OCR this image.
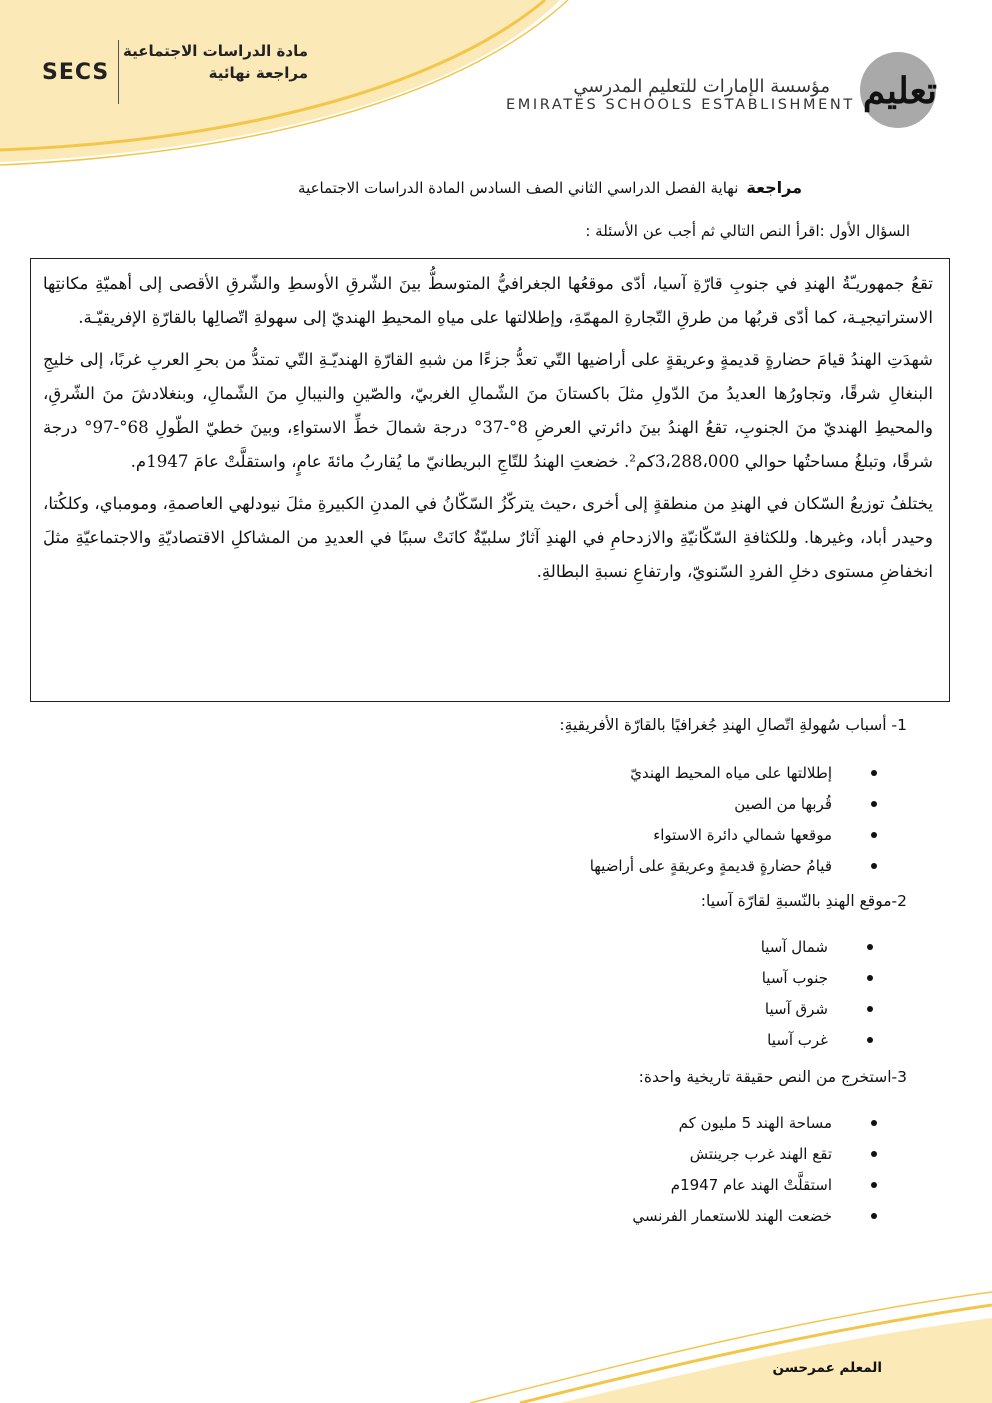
SECS
مادة الدراسات الاجتماعية
مراجعة نهائية
مؤسسة الإمارات للتعليم المدرسي
EMIRATES SCHOOLS ESTABLISHMENT تعليم
مراجعةنهاية الفصل الدراسي الثاني الصف السادس المادة الدراسات الاجتماعية
السؤال الأول :اقرأ النص التالي ثم أجب عن الأسئلة :

تقعُ جمهوريـّةُ الهندِ في جنوبِ قارّةِ آسيا، أدّى موقعُها الجغرافيُّ المتوسطُّ بينَ الشّرقِ الأوسطِ والشّرقِ الأقصى إلى أهميّةِ مكانتِها الاستراتيجيـة، كما أدّى قربُها من طرقِ التّجارةِ المهمّةِ، وإطلالتها على مياهِ المحيطِ الهنديّ إلى سهولةِ اتّصالِها بالقارّةِ الإفريقيّـة.

شهدَتِ الهندُ قيامَ حضارةٍ قديمةٍ وعريقةٍ على أراضيها التّي تعدُّ جزءًا من شبهِ القارّةِ الهنديّـةِ التّي تمتدُّ من بحرِ العربِ غربًا، إلى خليجِ البنغالِ شرقًا، وتجاورُها العديدُ منَ الدّولِ مثلَ باكستانَ منَ الشّمالِ الغربيّ، والصّينِ والنيبالِ منَ الشّمالِ، وبنغلادشَ منَ الشّرقِ، والمحيطِ الهنديّ منَ الجنوبِ، تقعُ الهندُ بينَ دائرتي العرضِ 8°-37° درجة شمالَ خطِّ الاستواءِ، وبينَ خطيّ الطّولِ 68°-97° درجة شرقًا، وتبلغُ مساحتُها حوالي 3،288،000كم². خضعتِ الهندُ للتّاجِ البريطانيّ ما يُقاربُ مائةَ عامٍ، واستقلَّتْ عامَ 1947م.

يختلفُ توزيعُ السّكان في الهندِ من منطقةٍ إلى أخرى ،حيث يتركّزُ السّكّانُ في المدنِ الكبيرةِ مثلَ نيودلهي العاصمةِ، ومومباي، وكلكُتا، وحيدر أباد، وغيرها. وللكثافةِ السّكّانيّةِ والازدحامِ في الهندِ آثارٌ سلبيّةٌ كانَتْ سببًا في العديدِ من المشاكلِ الاقتصاديّةِ والاجتماعيّةِ مثلَ انخفاضِ مستوى دخلِ الفردِ السّنويّ، وارتفاعِ نسبةِ البطالةِ.

1- أسباب سُهولةِ اتّصالِ الهندِ جُغرافيًا بالقارّة الأفريقيةِ:
إطلالتها على مياه المحيط الهنديّ
قُربها من الصين
موقعها شمالي دائرة الاستواء
قيامُ حضارةٍ قديمةٍ وعريقةٍ على أراضيها
2-موقع الهندِ بالنّسبةِ لقارّة آسيا:
شمال آسيا
جنوب آسيا
شرق آسيا
غرب آسيا
3-استخرج من النص حقيقة تاريخية واحدة:
مساحة الهند 5 مليون كم
تقع الهند غرب جرينتش
استقلَّتْ الهند عام 1947م
خضعت الهند للاستعمار الفرنسي
المعلم عمرحسن
